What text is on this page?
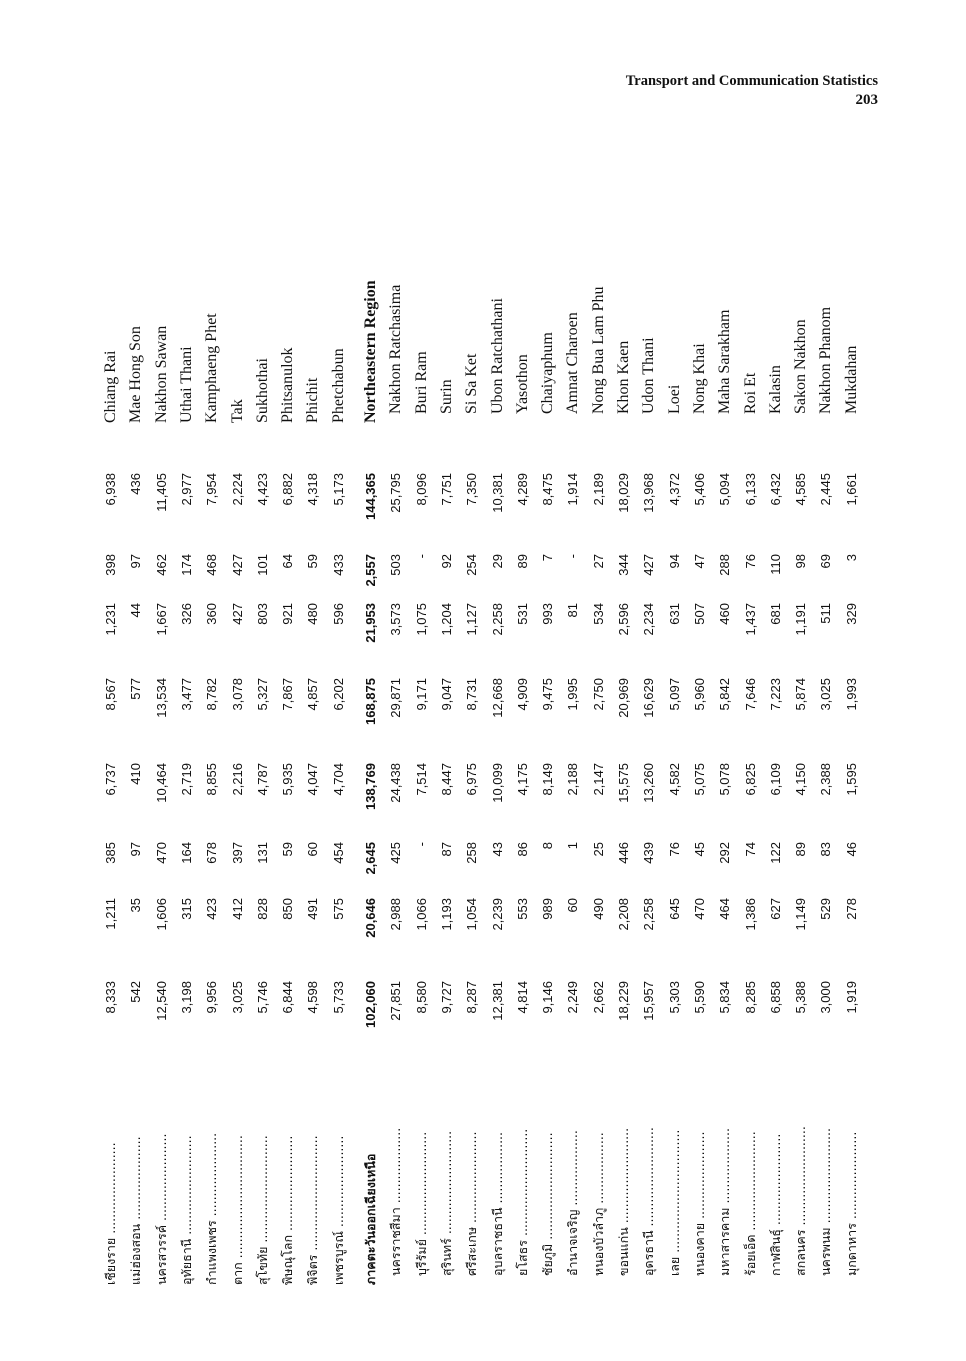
Transport and Communication Statistics
203
เชียงราย .......................
8,333
1,211
385
6,737
8,567
1,231
398
6,938
Chiang Rai
แม่ฮ่องสอน .....................
542
35
97
410
577
44
97
436
Mae Hong Son
นครสวรรค์ ......................
12,540
1,606
470
10,464
13,534
1,667
462
11,405
Nakhon Sawan
อุทัยธานี .........................
3,198
315
164
2,719
3,477
326
174
2,977
Uthai Thani
กำแพงเพชร .....................
9,956
423
678
8,855
8,782
360
468
7,954
Kamphaeng Phet
ตาก ...............................
3,025
412
397
2,216
3,078
427
427
2,224
Tak
สุโขทัย ...........................
5,746
828
131
4,787
5,327
803
101
4,423
Sukhothai
พิษณุโลก ........................
6,844
850
59
5,935
7,867
921
64
6,882
Phitsanulok
พิจิตร .............................
4,598
491
60
4,047
4,857
480
59
4,318
Phichit
เพชรบูรณ์ .......................
5,733
575
454
4,704
6,202
596
433
5,173
Phetchabun
ภาคตะวันออกเฉียงเหนือ
102,060
20,646
2,645
138,769
168,875
21,953
2,557
144,365
Northeastern Region
นครราชสีมา ...................
27,851
2,988
425
24,438
29,871
3,573
503
25,795
Nakhon Ratchasima
บุรีรัมย์ ..........................
8,580
1,066
-
7,514
9,171
1,075
-
8,096
Buri Ram
สุรินทร์ ..........................
9,727
1,193
87
8,447
9,047
1,204
92
7,751
Surin
ศรีสะเกษ .......................
8,287
1,054
258
6,975
8,731
1,127
254
7,350
Si Sa Ket
อุบลราชธานี ..................
12,381
2,239
43
10,099
12,668
2,258
29
10,381
Ubon Ratchathani
ยโสธร ...........................
4,814
553
86
4,175
4,909
531
89
4,289
Yasothon
ชัยภูมิ ...........................
9,146
989
8
8,149
9,475
993
7
8,475
Chaiyaphum
อำนาจเจริญ ...................
2,249
60
1
2,188
1,995
81
-
1,914
Amnat Charoen
หนองบัวลำภู ..................
2,662
490
25
2,147
2,750
534
27
2,189
Nong Bua Lam Phu
ขอนแก่น ........................
18,229
2,208
446
15,575
20,969
2,596
344
18,029
Khon Kaen
อุดรธานี .........................
15,957
2,258
439
13,260
16,629
2,234
427
13,968
Udon Thani
เลย ...............................
5,303
645
76
4,582
5,097
631
94
4,372
Loei
หนองคาย ......................
5,590
470
45
5,075
5,960
507
47
5,406
Nong Khai
มหาสารคาม ...................
5,834
464
292
5,078
5,842
460
288
5,094
Maha Sarakham
ร้อยเอ็ด .........................
8,285
1,386
74
6,825
7,646
1,437
76
6,133
Roi Et
กาฬสินธุ์ .......................
6,858
627
122
6,109
7,223
681
110
6,432
Kalasin
สกลนคร .........................
5,388
1,149
89
4,150
5,874
1,191
98
4,585
Sakon Nakhon
นครพนม ........................
3,000
529
83
2,388
3,025
511
69
2,445
Nakhon Phanom
มุกดาหาร ......................
1,919
278
46
1,595
1,993
329
3
1,661
Mukdahan
